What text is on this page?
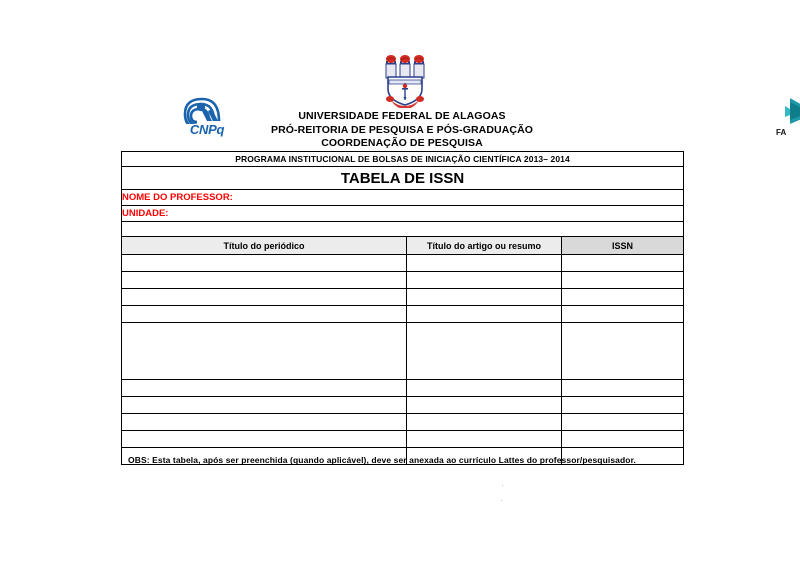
CNPq	FA
UNIVERSIDADE FEDERAL DE ALAGOAS
PRÓ-REITORIA DE PESQUISA E PÓS-GRADUAÇÃO
COORDENAÇÃO DE PESQUISA
PROGRAMA INSTITUCIONAL DE BOLSAS DE INICIAÇÃO CIENTÍFICA 2013– 2014		
TABELA DE ISSN		
NOME DO PROFESSOR:		
UNIDADE:		

Título do periódico	Título do artigo ou resumo	ISSN

OBS: Esta tabela, após ser preenchida (quando aplicável), deve ser anexada ao currículo Lattes do professor/pesquisador.
